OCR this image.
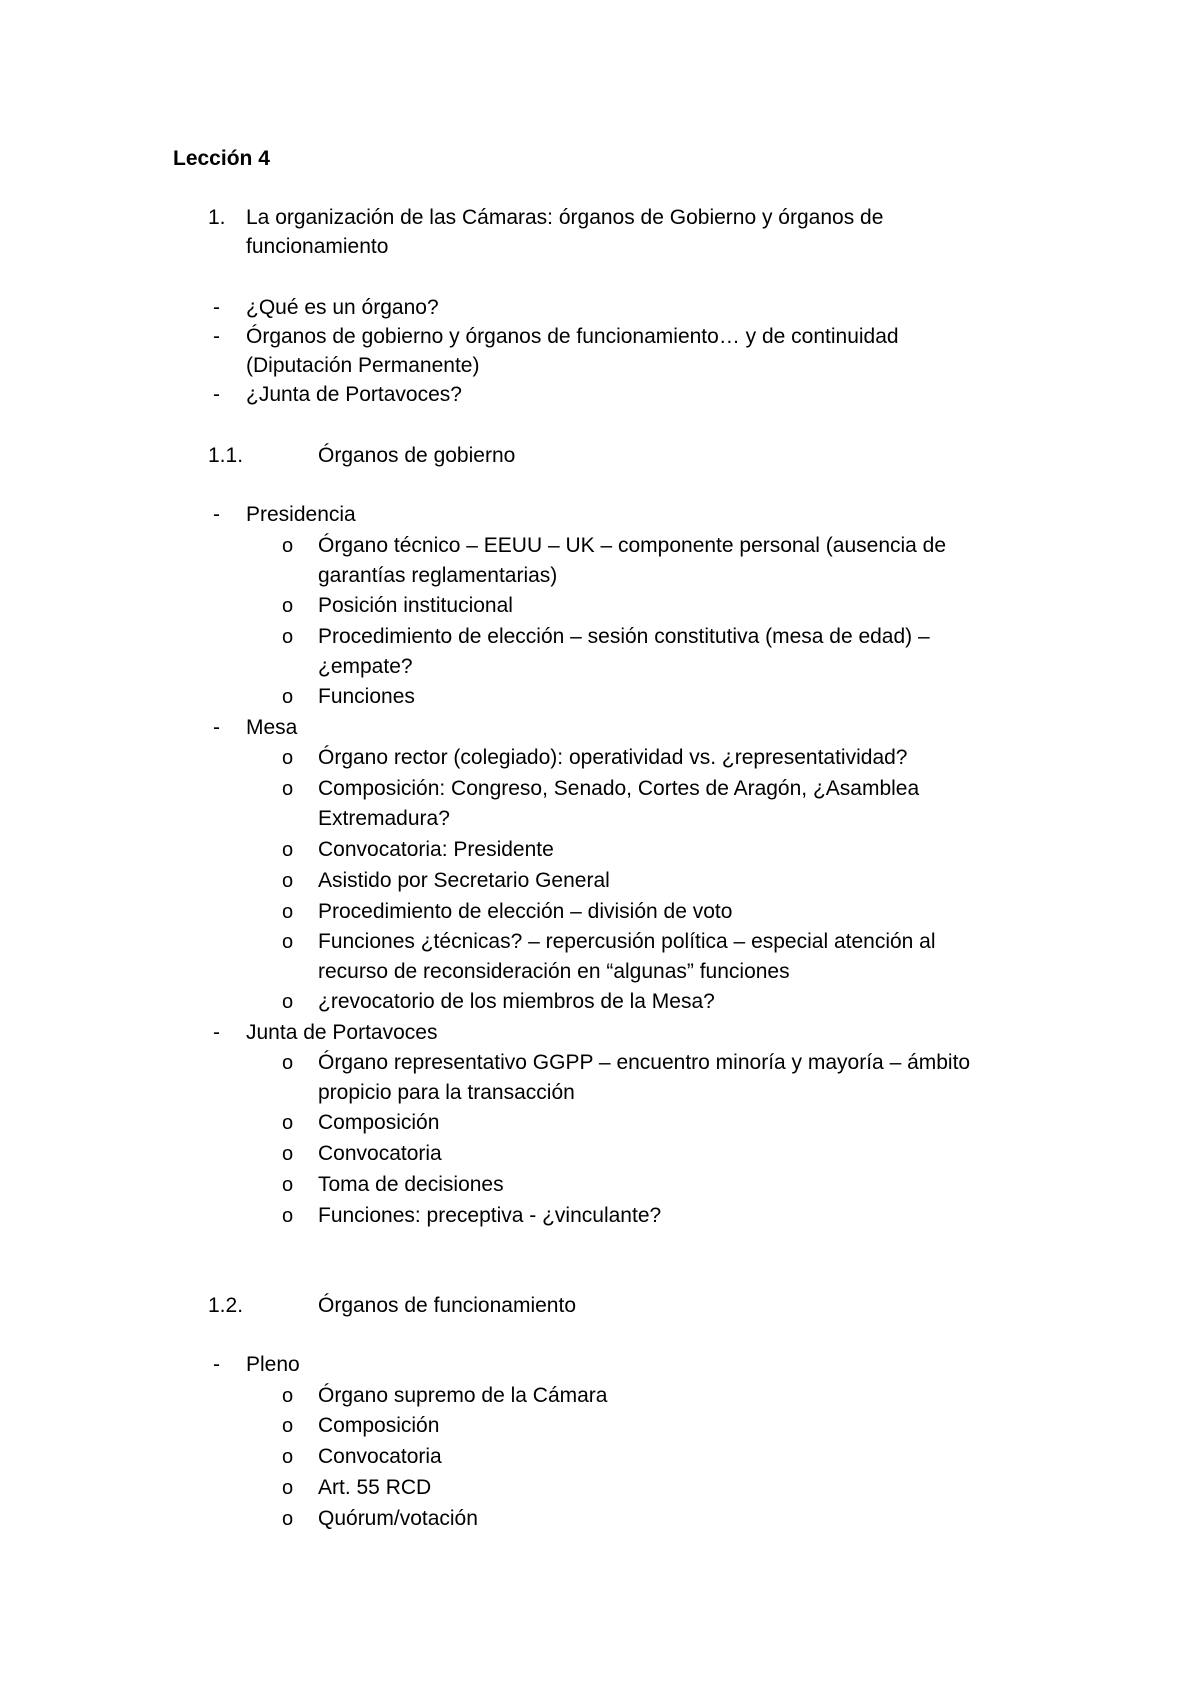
Lección 4
1. La organización de las Cámaras: órganos de Gobierno y órganos de
funcionamiento
- ¿Qué es un órgano?
- Órganos de gobierno y órganos de funcionamiento… y de continuidad
(Diputación Permanente)
- ¿Junta de Portavoces?
1.1.	Órganos de gobierno
- Presidencia
o Órgano técnico – EEUU – UK – componente personal (ausencia de
garantías reglamentarias)
o Posición institucional
o Procedimiento de elección – sesión constitutiva (mesa de edad) –
¿empate?
o Funciones
- Mesa
o Órgano rector (colegiado): operatividad vs. ¿representatividad?
o Composición: Congreso, Senado, Cortes de Aragón, ¿Asamblea
Extremadura?
o Convocatoria: Presidente
o Asistido por Secretario General
o Procedimiento de elección – división de voto
o Funciones ¿técnicas? – repercusión política – especial atención al
recurso de reconsideración en “algunas” funciones
o ¿revocatorio de los miembros de la Mesa?
- Junta de Portavoces
o Órgano representativo GGPP – encuentro minoría y mayoría – ámbito
propicio para la transacción
o Composición
o Convocatoria
o Toma de decisiones
o Funciones: preceptiva - ¿vinculante?
1.2.	Órganos de funcionamiento
- Pleno
o Órgano supremo de la Cámara
o Composición
o Convocatoria
o Art. 55 RCD
o Quórum/votación
